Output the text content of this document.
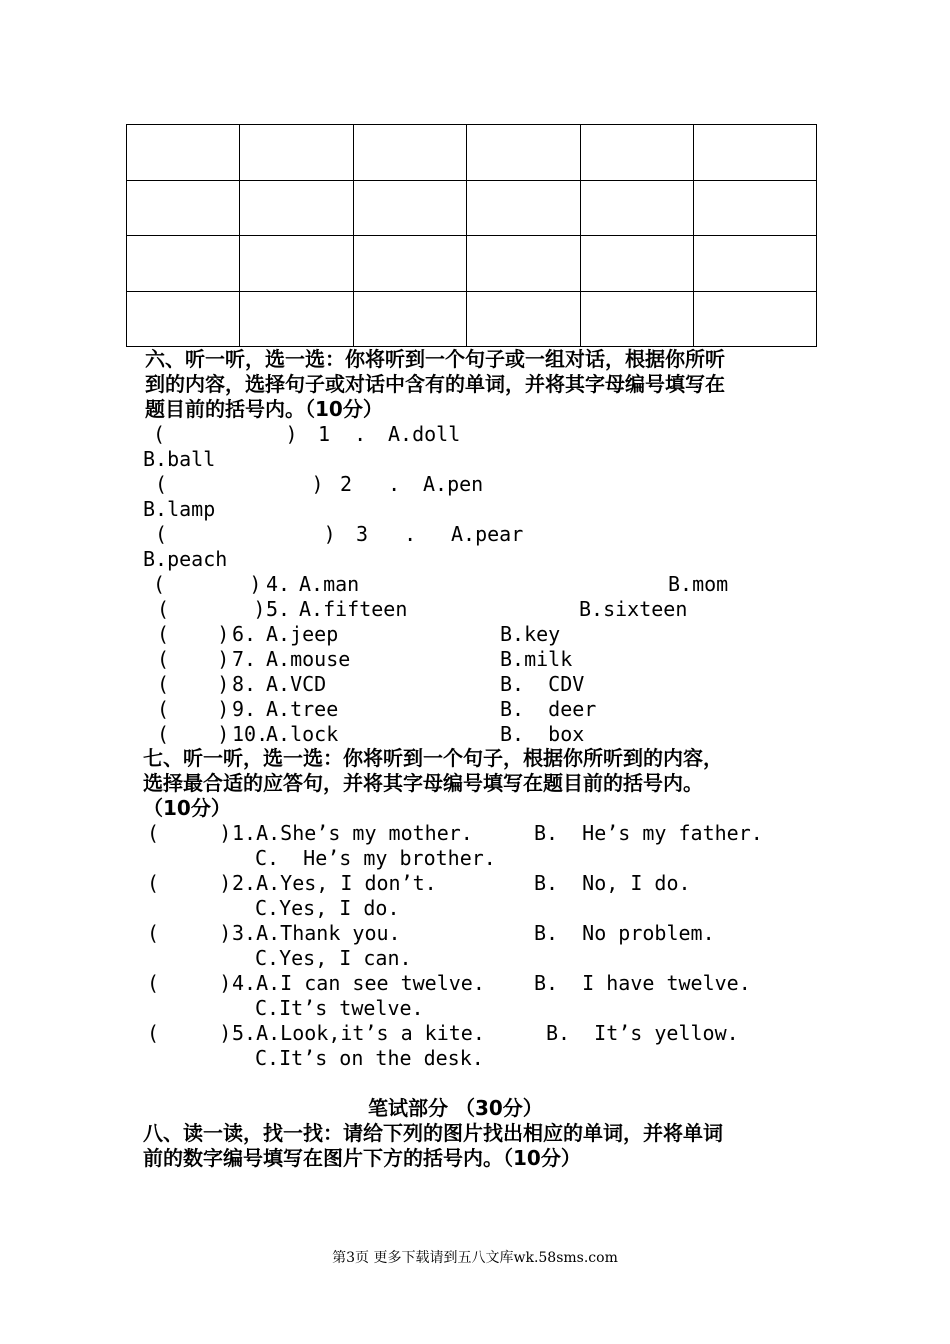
六、听一听，选一选：你将听到一个句子或一组对话，根据你所听
到的内容，选择句子或对话中含有的单词，并将其字母编号填写在
题目前的括号内。（10分）
(          ) 1  . A.doll
B.ball
(            ) 2   . A.pen
B.lamp
(             ) 3   . A.pear
B.peach
(       ) 4. A.man	B.mom
(       ) 5. A.fifteen	B.sixteen
(    ) 6. A.jeep	B.key
(    ) 7. A.mouse	B.milk
(    ) 8. A.VCD	B.  CDV
(    ) 9. A.tree	B.  deer
(    ) 10.
A.lock	B.  box
七、听一听，选一选：你将听到一个句子，根据你所听到的内容，
选择最合适的应答句，并将其字母编号填写在题目前的括号内。
（10分）
(     ) 1.A.She’s my mother.	B.  He’s my father.
C.  He’s my brother.
(     ) 2.A.Yes, I don’t.	B.  No, I do.
C.Yes, I do.
(     ) 3.A.Thank you.	B.  No problem.
C.Yes, I can.
(     ) 4.A.I can see twelve. B.  I have twelve.
C.It’s twelve.
(     ) 5.A.Look,it’s a kite.	B.  It’s yellow.
C.It’s on the desk.
笔试部分 （30分）
八、读一读，找一找：请给下列的图片找出相应的单词，并将单词
前的数字编号填写在图片下方的括号内。（10分）
第3页 更多下载请到五八文库wk.58sms.com
